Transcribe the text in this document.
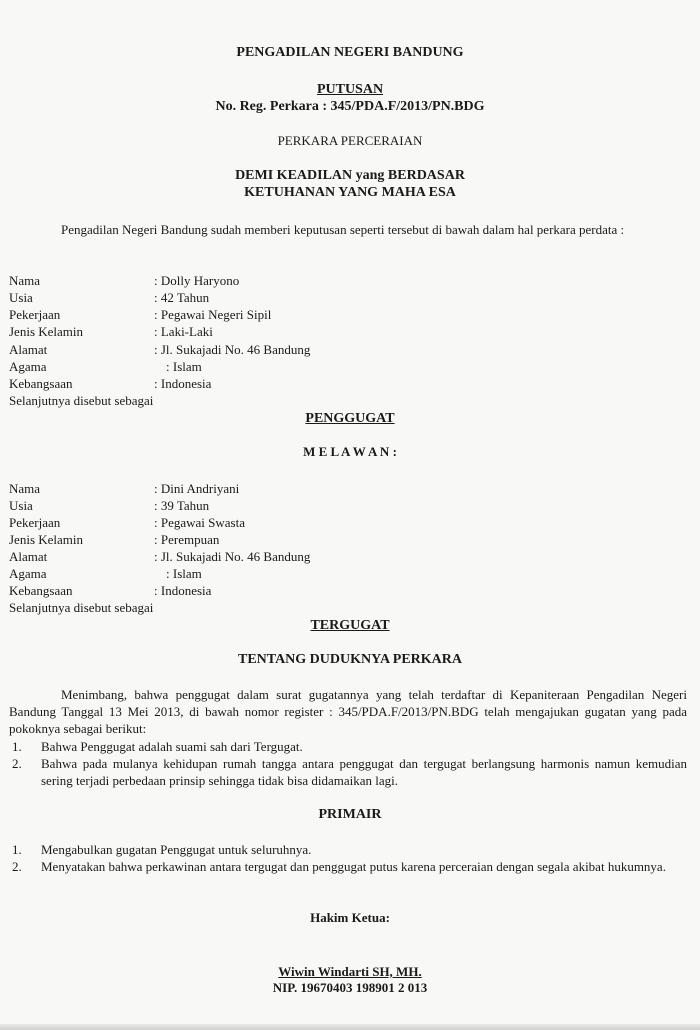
PENGADILAN NEGERI BANDUNG
PUTUSAN
No. Reg. Perkara : 345/PDA.F/2013/PN.BDG
PERKARA PERCERAIAN
DEMI KEADILAN yang BERDASAR
KETUHANAN YANG MAHA ESA
Pengadilan Negeri Bandung sudah memberi keputusan seperti tersebut di bawah dalam hal perkara perdata :
Nama	: Dolly Haryono
Usia	: 42 Tahun
Pekerjaan	: Pegawai Negeri Sipil
Jenis Kelamin	: Laki-Laki
Alamat	: Jl. Sukajadi No. 46 Bandung
Agama	: Islam
Kebangsaan	: Indonesia
Selanjutnya disebut sebagai
PENGGUGAT
M E L A W A N :
Nama	: Dini Andriyani
Usia	: 39 Tahun
Pekerjaan	: Pegawai Swasta
Jenis Kelamin	: Perempuan
Alamat	: Jl. Sukajadi No. 46 Bandung
Agama	: Islam
Kebangsaan	: Indonesia
Selanjutnya disebut sebagai
TERGUGAT
TENTANG DUDUKNYA PERKARA
Menimbang, bahwa penggugat dalam surat gugatannya yang telah terdaftar di Kepaniteraan Pengadilan Negeri Bandung Tanggal 13 Mei 2013, di bawah nomor register : 345/PDA.F/2013/PN.BDG telah mengajukan gugatan yang pada pokoknya sebagai berikut:
1. Bahwa Penggugat adalah suami sah dari Tergugat.
2. Bahwa pada mulanya kehidupan rumah tangga antara penggugat dan tergugat berlangsung harmonis namun kemudian sering terjadi perbedaan prinsip sehingga tidak bisa didamaikan lagi.
PRIMAIR
1. Mengabulkan gugatan Penggugat untuk seluruhnya.
2. Menyatakan bahwa perkawinan antara tergugat dan penggugat putus karena perceraian dengan segala akibat hukumnya.
Hakim Ketua:
Wiwin Windarti SH, MH.
NIP. 19670403 198901 2 013
